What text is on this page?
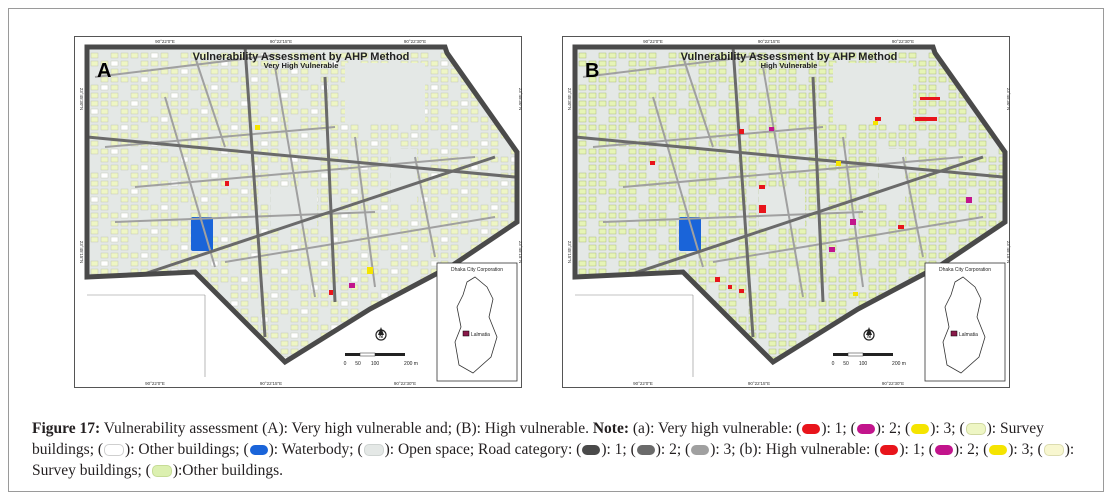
Vulnerability Assessment by AHP Method
Very High Vulnerable
A
90°22'0"E	90°22'15"E	90°22'30"E
90°22'0"E	90°22'15"E	90°22'30"E
23°45'30"N
23°45'15"N
23°45'30"N
23°45'15"N
Dhaka City Corporation
Lalmatia
N
0 50 100	200 m
Vulnerability Assessment by AHP Method
High Vulnerable
B
90°22'0"E	90°22'15"E	90°22'30"E
90°22'0"E	90°22'15"E	90°22'30"E
23°45'30"N
23°45'15"N
23°45'30"N
23°45'15"N
Dhaka City Corporation
Lalmatia
N
0 50 100	200 m
Figure 17: Vulnerability assessment (A): Very high vulnerable and; (B): High vulnerable. Note: (a): Very high vulnerable: ( ): 1; ( ): 2; ( ): 3; ( ): Survey buildings; ( ): Other buildings; ( ): Waterbody; ( ): Open space; Road category: ( ): 1; ( ): 2; ( ): 3; (b): High vulnerable: ( ): 1; ( ): 2; ( ): 3; ( ): Survey buildings; ( ):Other buildings.
